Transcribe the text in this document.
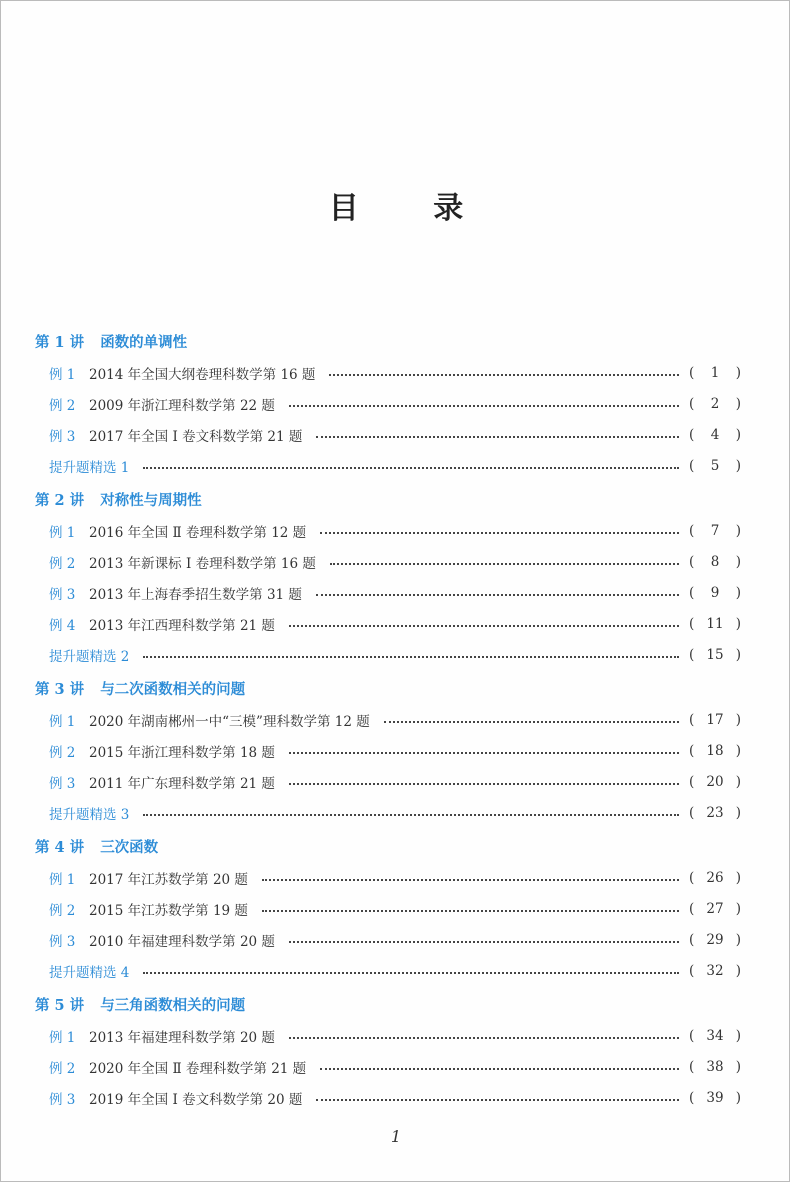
目 录
第 1 讲 函数的单调性
例 1	2014 年全国大纲卷理科数学第 16 题	(	1	)
例 2	2009 年浙江理科数学第 22 题	(	2	)
例 3	2017 年全国 Ⅰ 卷文科数学第 21 题	(	4	)
提升题精选 1	(	5	)
第 2 讲 对称性与周期性
例 1	2016 年全国 Ⅱ 卷理科数学第 12 题	(	7	)
例 2	2013 年新课标 Ⅰ 卷理科数学第 16 题	(	8	)
例 3	2013 年上海春季招生数学第 31 题	(	9	)
例 4	2013 年江西理科数学第 21 题	( 11 )
提升题精选 2	( 15 )
第 3 讲 与二次函数相关的问题
例 1	2020 年湖南郴州一中“三模”理科数学第 12 题	( 17 )
例 2	2015 年浙江理科数学第 18 题	( 18 )
例 3	2011 年广东理科数学第 21 题	( 20 )
提升题精选 3	( 23 )
第 4 讲 三次函数
例 1	2017 年江苏数学第 20 题	( 26 )
例 2	2015 年江苏数学第 19 题	( 27 )
例 3	2010 年福建理科数学第 20 题	( 29 )
提升题精选 4	( 32 )
第 5 讲 与三角函数相关的问题
例 1	2013 年福建理科数学第 20 题	( 34 )
例 2	2020 年全国 Ⅱ 卷理科数学第 21 题	( 38 )
例 3	2019 年全国 Ⅰ 卷文科数学第 20 题	( 39 )
1
